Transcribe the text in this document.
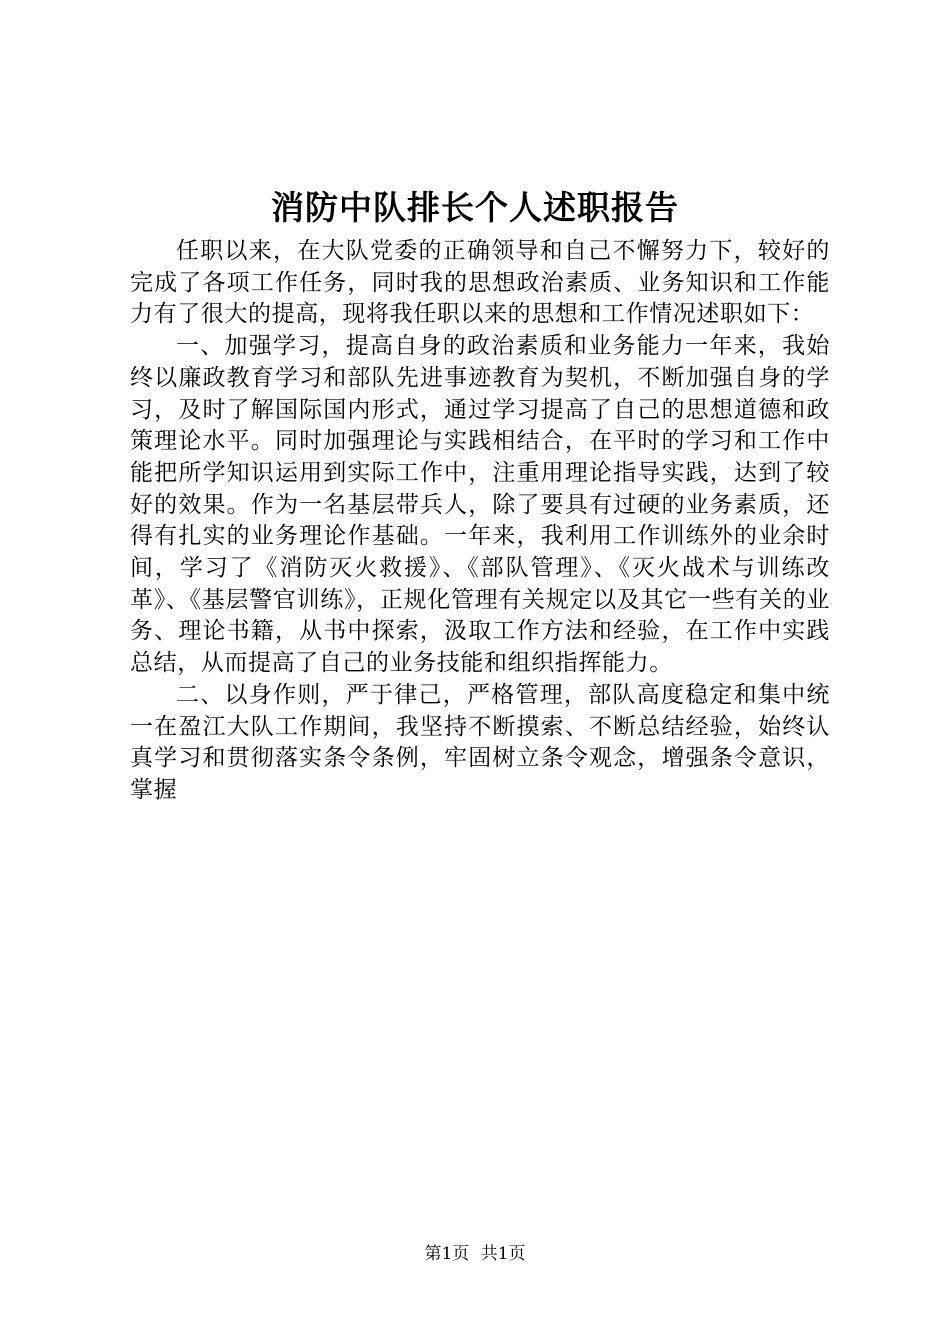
消防中队排长个人述职报告

任职以来，在大队党委的正确领导和自己不懈努力下，较好的完成了各项工作任务，同时我的思想政治素质、业务知识和工作能力有了很大的提高，现将我任职以来的思想和工作情况述职如下：

一、加强学习，提高自身的政治素质和业务能力一年来，我始终以廉政教育学习和部队先进事迹教育为契机，不断加强自身的学习，及时了解国际国内形式，通过学习提高了自己的思想道德和政策理论水平。同时加强理论与实践相结合，在平时的学习和工作中能把所学知识运用到实际工作中，注重用理论指导实践，达到了较好的效果。作为一名基层带兵人，除了要具有过硬的业务素质，还得有扎实的业务理论作基础。一年来，我利用工作训练外的业余时间，学习了《消防灭火救援》、《部队管理》、《灭火战术与训练改革》、《基层警官训练》，正规化管理有关规定以及其它一些有关的业务、理论书籍，从书中探索，汲取工作方法和经验，在工作中实践总结，从而提高了自己的业务技能和组织指挥能力。

二、以身作则，严于律己，严格管理，部队高度稳定和集中统一在盈江大队工作期间，我坚持不断摸索、不断总结经验，始终认真学习和贯彻落实条令条例，牢固树立条令观念，增强条令意识，掌握

第1页 共1页
